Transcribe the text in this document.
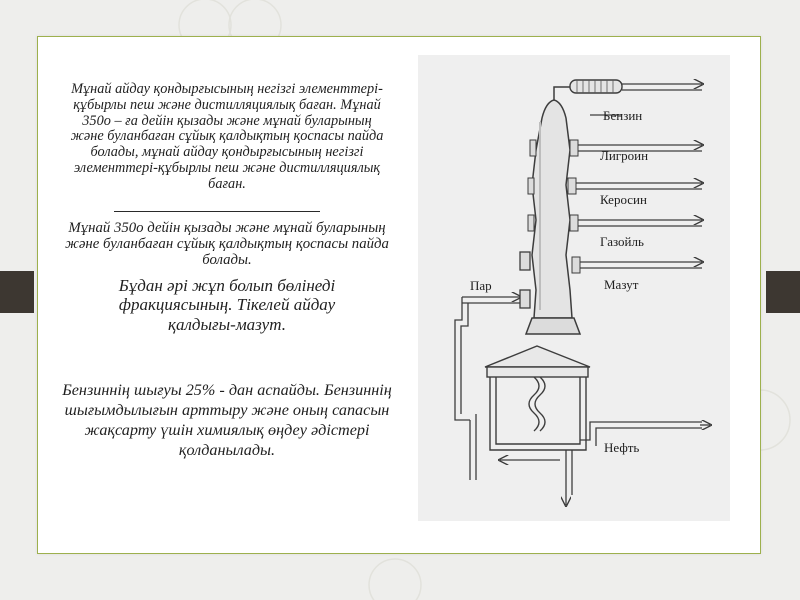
Мұнай айдау қондырғысының негізгі элементтері-құбырлы пеш және дистилляциялық баған. Мұнай 350о – ға дейін қызады және мұнай буларының және буланбаған сұйық қалдықтың қоспасы пайда болады, мұнай айдау қондырғысының негізгі элементтері-құбырлы пеш және дистилляциялық баған.

Мұнай 350о дейін қызады және мұнай буларының және буланбаған сұйық қалдықтың қоспасы пайда болады.

Бұдан әрі жұп болып бөлінеді фракциясының. Тікелей айдау қалдығы-мазут.

Бензиннің шығуы 25% - дан аспайды. Бензиннің шығымдылығын арттыру және оның сапасын жақсарту үшін химиялық өңдеу әдістері қолданылады.

Бензин
Лигроин
Керосин
Газойль
Мазут
Пар
Нефть
